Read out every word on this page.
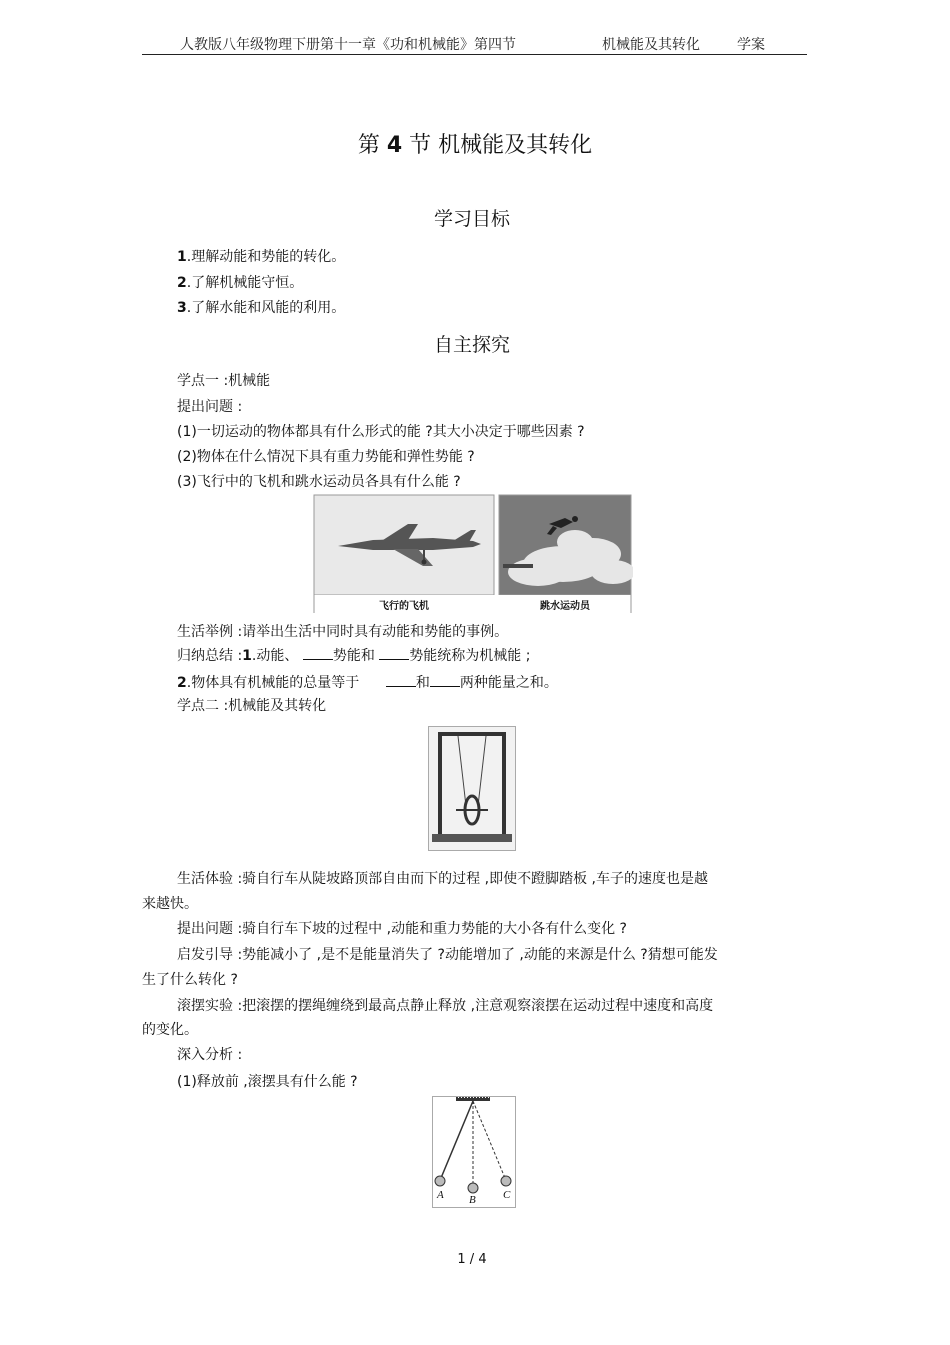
人教版八年级物理下册第十一章《功和机械能》第四节	机械能及其转化	学案
第 4 节 机械能及其转化
学习目标
1.理解动能和势能的转化。
2.了解机械能守恒。
3.了解水能和风能的利用。
自主探究
学点一 :机械能
提出问题 :
(1)一切运动的物体都具有什么形式的能 ?其大小决定于哪些因素 ?
(2)物体在什么情况下具有重力势能和弹性势能 ?
(3)飞行中的飞机和跳水运动员各具有什么能 ?
飞行的飞机	跳水运动员
生活举例 :请举出生活中同时具有动能和势能的事例。
归纳总结 :1.动能、 势能和 势能统称为机械能 ;
2.物体具有机械能的总量等于	和 两种能量之和。
学点二 :机械能及其转化
生活体验 :骑自行车从陡坡路顶部自由而下的过程 ,即使不蹬脚踏板 ,车子的速度也是越
来越快。
提出问题 :骑自行车下坡的过程中 ,动能和重力势能的大小各有什么变化 ?
启发引导 :势能减小了 ,是不是能量消失了 ?动能增加了 ,动能的来源是什么 ?猜想可能发
生了什么转化 ?
滚摆实验 :把滚摆的摆绳缠绕到最高点静止释放 ,注意观察滚摆在运动过程中速度和高度
的变化。
深入分析 :
(1)释放前 ,滚摆具有什么能 ?
A B C
1 / 4
